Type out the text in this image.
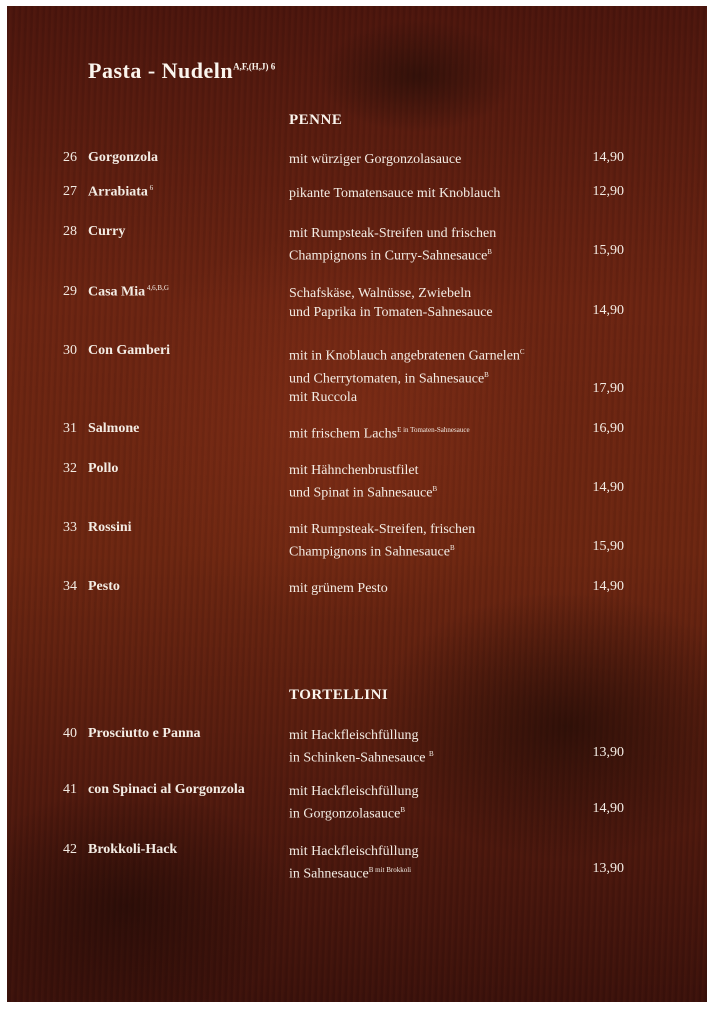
Pasta - Nudeln$^{A,F,(H,J) 6}$
PENNE
26 Gorgonzola	mit würziger Gorgonzolasauce	14,90
27 Arrabiata $^6$	pikante Tomatensauce mit Knoblauch	12,90
28 Curry	mit Rumpsteak-Streifen und frischen
Champignons in Curry-Sahnesauce$^B$	15,90
29 Casa Mia $^{4,6,B,G}$	Schafskäse, Walnüsse, Zwiebeln
und Paprika in Tomaten-Sahnesauce	14,90
30 Con Gamberi	mit in Knoblauch angebratenen Garnelen$^C$
und Cherrytomaten, in Sahnesauce$^B$
mit Ruccola
17,90
31 Salmone	mit frischem Lachs$^{E in Tomaten-Sahnesauce}$	16,90
32 Pollo	mit Hähnchenbrustfilet
und Spinat in Sahnesauce$^B$	14,90
33 Rossini	mit Rumpsteak-Streifen, frischen
Champignons in Sahnesauce$^B$	15,90
34 Pesto	mit grünem Pesto	14,90
TORTELLINI
40 Prosciutto e Panna	mit Hackfleischfüllung
in Schinken-Sahnesauce $^B$	13,90
41 con Spinaci al Gorgonzola	mit Hackfleischfüllung
in Gorgonzolasauce$^B$	14,90
42 Brokkoli-Hack	mit Hackfleischfüllung
in Sahnesauce$^{B mit Brokkoli}$	13,90
